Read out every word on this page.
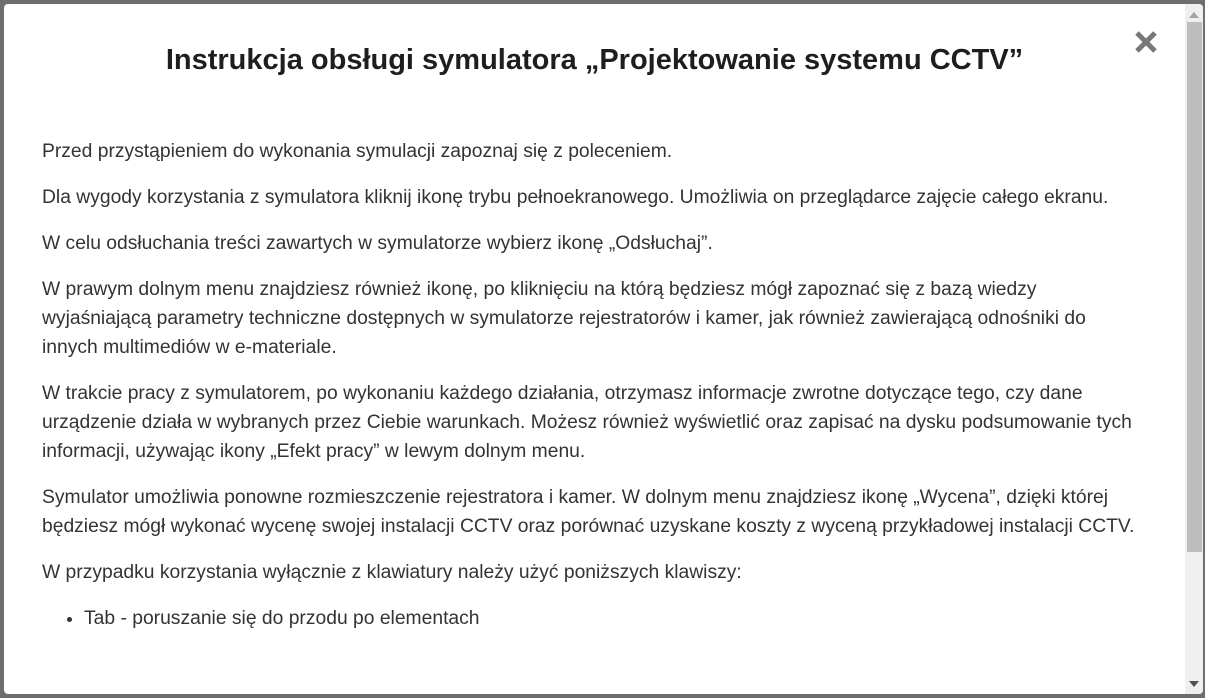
Instrukcja obsługi symulatora „Projektowanie systemu CCTV”

Przed przystąpieniem do wykonania symulacji zapoznaj się z poleceniem.

Dla wygody korzystania z symulatora kliknij ikonę trybu pełnoekranowego. Umożliwia on przeglądarce zajęcie całego ekranu.

W celu odsłuchania treści zawartych w symulatorze wybierz ikonę „Odsłuchaj”.

W prawym dolnym menu znajdziesz również ikonę, po kliknięciu na którą będziesz mógł zapoznać się z bazą wiedzy wyjaśniającą parametry techniczne dostępnych w symulatorze rejestratorów i kamer, jak również zawierającą odnośniki do innych multimediów w e-materiale.

W trakcie pracy z symulatorem, po wykonaniu każdego działania, otrzymasz informacje zwrotne dotyczące tego, czy dane urządzenie działa w wybranych przez Ciebie warunkach. Możesz również wyświetlić oraz zapisać na dysku podsumowanie tych informacji, używając ikony „Efekt pracy” w lewym dolnym menu.

Symulator umożliwia ponowne rozmieszczenie rejestratora i kamer. W dolnym menu znajdziesz ikonę „Wycena”, dzięki której będziesz mógł wykonać wycenę swojej instalacji CCTV oraz porównać uzyskane koszty z wyceną przykładowej instalacji CCTV.

W przypadku korzystania wyłącznie z klawiatury należy użyć poniższych klawiszy:

• Tab - poruszanie się do przodu po elementach
